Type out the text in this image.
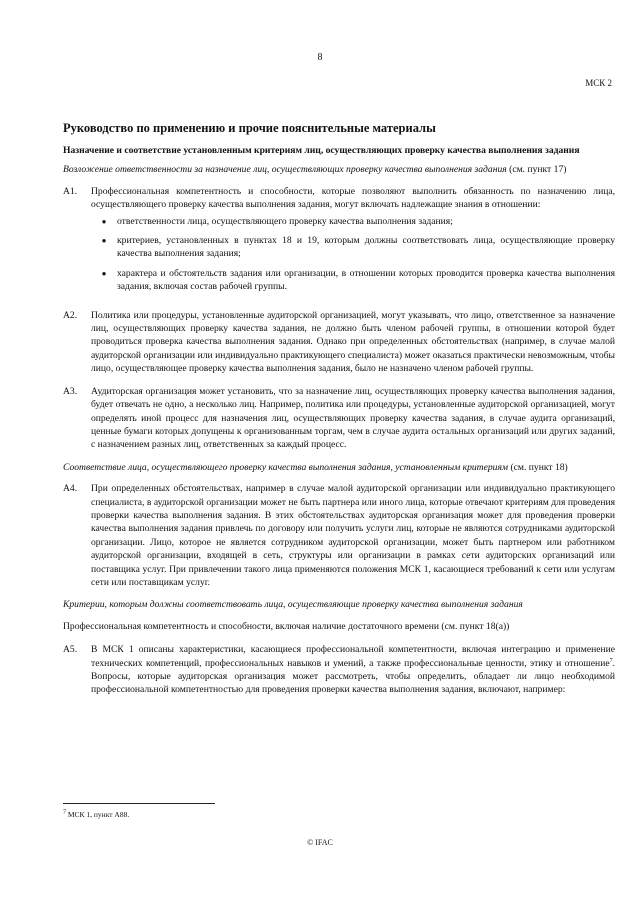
8
МСК 2
Руководство по применению и прочие пояснительные материалы
Назначение и соответствие установленным критериям лиц, осуществляющих проверку качества выполнения задания
Возложение ответственности за назначение лиц, осуществляющих проверку качества выполнения задания (см. пункт 17)
A1.	Профессиональная компетентность и способности, которые позволяют выполнить обязанность по назначению лица, осуществляющего проверку качества выполнения задания, могут включать надлежащие знания в отношении:
●	ответственности лица, осуществляющего проверку качества выполнения задания;
●	критериев, установленных в пунктах 18 и 19, которым должны соответствовать лица, осуществляющие проверку качества выполнения задания;
●	характера и обстоятельств задания или организации, в отношении которых проводится проверка качества выполнения задания, включая состав рабочей группы.
A2.	Политика или процедуры, установленные аудиторской организацией, могут указывать, что лицо, ответственное за назначение лиц, осуществляющих проверку качества задания, не должно быть членом рабочей группы, в отношении которой будет проводиться проверка качества выполнения задания. Однако при определенных обстоятельствах (например, в случае малой аудиторской организации или индивидуально практикующего специалиста) может оказаться практически невозможным, чтобы лицо, осуществляющее проверку качества выполнения задания, было не назначено членом рабочей группы.
A3.	Аудиторская организация может установить, что за назначение лиц, осуществляющих проверку качества выполнения задания, будет отвечать не одно, а несколько лиц. Например, политика или процедуры, установленные аудиторской организацией, могут определять иной процесс для назначения лиц, осуществляющих проверку качества задания, в случае аудита организаций, ценные бумаги которых допущены к организованным торгам, чем в случае аудита остальных организаций или других заданий, с назначением разных лиц, ответственных за каждый процесс.
Соответствие лица, осуществляющего проверку качества выполнения задания, установленным критериям (см. пункт 18)
A4.	При определенных обстоятельствах, например в случае малой аудиторской организации или индивидуально практикующего специалиста, в аудиторской организации может не быть партнера или иного лица, которые отвечают критериям для проведения проверки качества выполнения задания. В этих обстоятельствах аудиторская организация может для проведения проверки качества выполнения задания привлечь по договору или получить услуги лиц, которые не являются сотрудниками аудиторской организации. Лицо, которое не является сотрудником аудиторской организации, может быть партнером или работником аудиторской организации, входящей в сеть, структуры или организации в рамках сети аудиторских организаций или поставщика услуг. При привлечении такого лица применяются положения МСК 1, касающиеся требований к сети или услугам сети или поставщикам услуг.
Критерии, которым должны соответствовать лица, осуществляющие проверку качества выполнения задания
Профессиональная компетентность и способности, включая наличие достаточного времени (см. пункт 18(а))
A5.	В МСК 1 описаны характеристики, касающиеся профессиональной компетентности, включая интеграцию и применение технических компетенций, профессиональных навыков и умений, а также профессиональные ценности, этику и отношение$^7$. Вопросы, которые аудиторская организация может рассмотреть, чтобы определить, обладает ли лицо необходимой профессиональной компетентностью для проведения проверки качества выполнения задания, включают, например:
$^7$ МСК 1, пункт А88.
© IFAC
